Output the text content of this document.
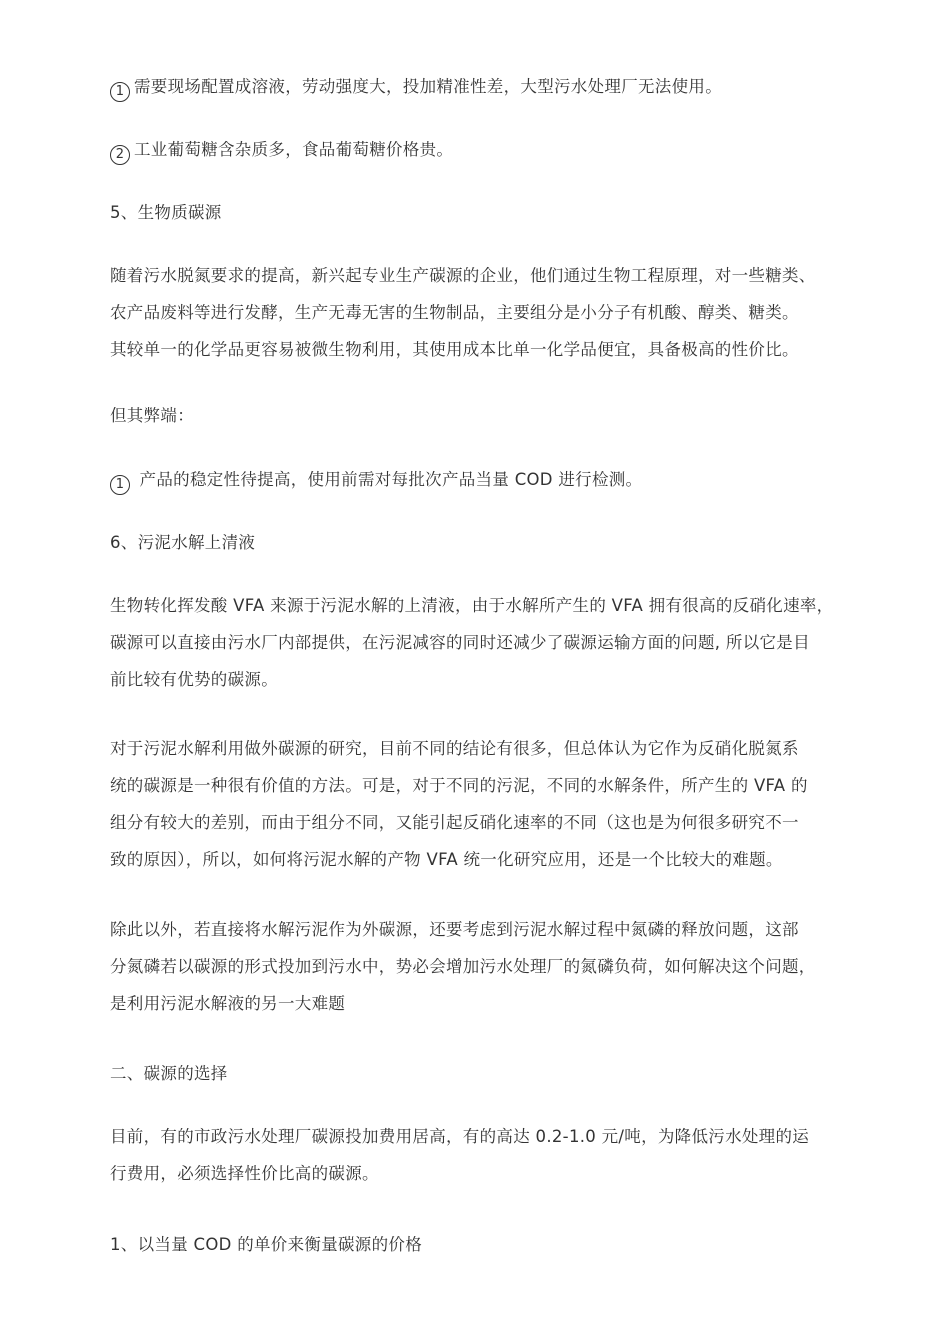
1 需要现场配置成溶液，劳动强度大，投加精准性差，大型污水处理厂无法使用。

2 工业葡萄糖含杂质多，食品葡萄糖价格贵。

5、生物质碳源

随着污水脱氮要求的提高，新兴起专业生产碳源的企业，他们通过生物工程原理，对一些糖类、
农产品废料等进行发酵，生产无毒无害的生物制品，主要组分是小分子有机酸、醇类、糖类。
其较单一的化学品更容易被微生物利用，其使用成本比单一化学品便宜，具备极高的性价比。

但其弊端：

1 产品的稳定性待提高，使用前需对每批次产品当量 COD 进行检测。

6、污泥水解上清液

生物转化挥发酸 VFA 来源于污泥水解的上清液，由于水解所产生的 VFA 拥有很高的反硝化速率，
碳源可以直接由污水厂内部提供，在污泥减容的同时还减少了碳源运输方面的问题, 所以它是目
前比较有优势的碳源。

对于污泥水解利用做外碳源的研究，目前不同的结论有很多，但总体认为它作为反硝化脱氮系
统的碳源是一种很有价值的方法。可是，对于不同的污泥，不同的水解条件，所产生的 VFA 的
组分有较大的差别，而由于组分不同，又能引起反硝化速率的不同（这也是为何很多研究不一
致的原因），所以，如何将污泥水解的产物 VFA 统一化研究应用，还是一个比较大的难题。

除此以外，若直接将水解污泥作为外碳源，还要考虑到污泥水解过程中氮磷的释放问题，这部
分氮磷若以碳源的形式投加到污水中，势必会增加污水处理厂的氮磷负荷，如何解决这个问题，
是利用污泥水解液的另一大难题

二、碳源的选择

目前，有的市政污水处理厂碳源投加费用居高，有的高达 0.2-1.0 元/吨，为降低污水处理的运
行费用，必须选择性价比高的碳源。

1、以当量 COD 的单价来衡量碳源的价格
